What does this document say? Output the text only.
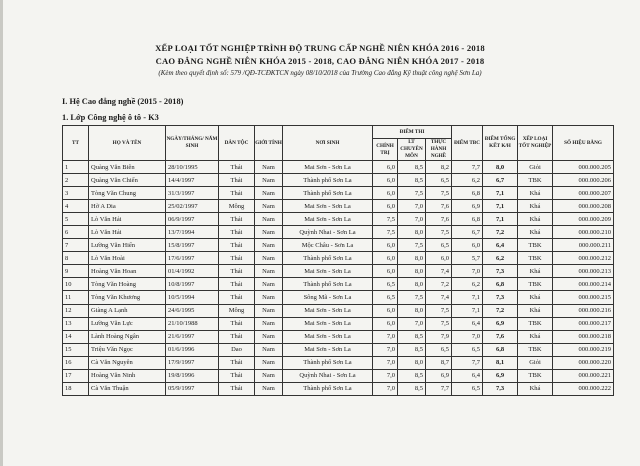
XẾP LOẠI TỐT NGHIỆP TRÌNH ĐỘ TRUNG CẤP NGHỀ NIÊN KHÓA 2016 - 2018
CAO ĐẲNG NGHỀ NIÊN KHÓA 2015 - 2018, CAO ĐẲNG NIÊN KHÓA 2017 - 2018
(Kèm theo quyết định số: 579 /QĐ-TCĐKTCN ngày 08/10/2018 của Trường Cao đẳng Kỹ thuật công nghệ Sơn La)
I. Hệ Cao đẳng nghề (2015 - 2018)
1. Lớp Công nghệ ô tô - K3
TT	HỌ VÀ TÊN	NGÀY/THÁNG/ NĂM SINH	DÂN TỘC	GIỚI TÍNH	NƠI SINH	ĐIỂM THI			ĐIỂM TBC	ĐIỂM TỔNG KẾT K/H	XẾP LOẠI TỐT NGHIỆP	SỐ HIỆU BẰNG
						CHÍNH TRỊ	LT CHUYÊN MÔN	THỰC HÀNH NGHỀ				
1	Quàng Văn Biên	28/10/1995	Thái	Nam	Mai Sơn - Sơn La	6,0	8,5	8,2	7,7	8,0	Giỏi	000.000.205
2	Quàng Văn Chiến	14/4/1997	Thái	Nam	Thành phố Sơn La	6,0	8,5	6,5	6,2	6,7	TBK	000.000.206
3	Tòng Văn Chung	31/3/1997	Thái	Nam	Thành phố Sơn La	6,0	7,5	7,5	6,8	7,1	Khá	000.000.207
4	Hờ A Dia	25/02/1997	Mông	Nam	Mai Sơn - Sơn La	6,0	7,0	7,6	6,9	7,1	Khá	000.000.208
5	Lò Văn Hải	06/9/1997	Thái	Nam	Mai Sơn - Sơn La	7,5	7,0	7,6	6,8	7,1	Khá	000.000.209
6	Lò Văn Hải	13/7/1994	Thái	Nam	Quỳnh Nhai - Sơn La	7,5	8,0	7,5	6,7	7,2	Khá	000.000.210
7	Lường Văn Hiển	15/8/1997	Thái	Nam	Mộc Châu - Sơn La	6,0	7,5	6,5	6,0	6,4	TBK	000.000.211
8	Lò Văn Hoài	17/6/1997	Thái	Nam	Thành phố Sơn La	6,0	8,0	6,0	5,7	6,2	TBK	000.000.212
9	Hoàng Văn Hoan	01/4/1992	Thái	Nam	Mai Sơn - Sơn La	6,0	8,0	7,4	7,0	7,3	Khá	000.000.213
10	Tòng Văn Hoàng	10/8/1997	Thái	Nam	Thành phố Sơn La	6,5	8,0	7,2	6,2	6,8	TBK	000.000.214
11	Tòng Văn Khương	10/5/1994	Thái	Nam	Sông Mã - Sơn La	6,5	7,5	7,4	7,1	7,3	Khá	000.000.215
12	Giàng A Lạnh	24/6/1995	Mông	Nam	Mai Sơn - Sơn La	6,0	8,0	7,5	7,1	7,2	Khá	000.000.216
13	Lường Văn Lực	21/10/1988	Thái	Nam	Mai Sơn - Sơn La	6,0	7,0	7,5	6,4	6,9	TBK	000.000.217
14	Lành Hoàng Ngân	21/6/1997	Thái	Nam	Mai Sơn - Sơn La	7,0	8,5	7,9	7,0	7,6	Khá	000.000.218
15	Triệu Văn Ngọc	01/6/1996	Dao	Nam	Mai Sơn - Sơn La	7,0	8,5	6,5	6,5	6,8	TBK	000.000.219
16	Cà Văn Nguyên	17/9/1997	Thái	Nam	Thành phố Sơn La	7,0	8,0	8,7	7,7	8,1	Giỏi	000.000.220
17	Hoàng Văn Ninh	19/8/1996	Thái	Nam	Quỳnh Nhai - Sơn La	7,0	8,5	6,9	6,4	6,9	TBK	000.000.221
18	Cà Văn Thuận	05/9/1997	Thái	Nam	Thành phố Sơn La	7,0	8,5	7,7	6,5	7,3	Khá	000.000.222
